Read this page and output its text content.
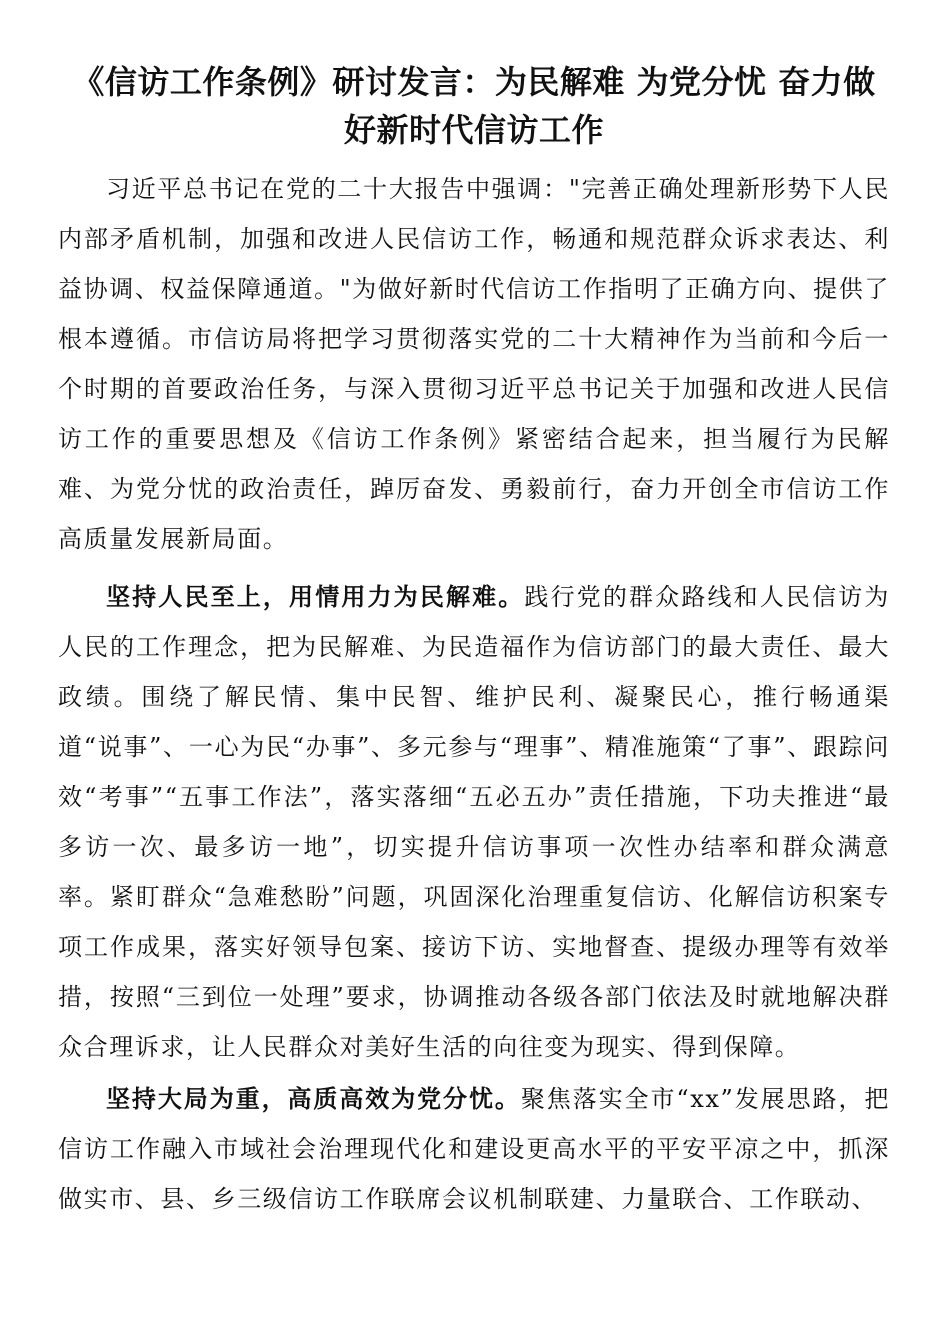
《信访工作条例》研讨发言：为民解难 为党分忧 奋力做好新时代信访工作

习近平总书记在党的二十大报告中强调："完善正确处理新形势下人民内部矛盾机制，加强和改进人民信访工作，畅通和规范群众诉求表达、利益协调、权益保障通道。"为做好新时代信访工作指明了正确方向、提供了根本遵循。市信访局将把学习贯彻落实党的二十大精神作为当前和今后一个时期的首要政治任务，与深入贯彻习近平总书记关于加强和改进人民信访工作的重要思想及《信访工作条例》紧密结合起来，担当履行为民解难、为党分忧的政治责任，踔厉奋发、勇毅前行，奋力开创全市信访工作高质量发展新局面。

坚持人民至上，用情用力为民解难。践行党的群众路线和人民信访为人民的工作理念，把为民解难、为民造福作为信访部门的最大责任、最大政绩。围绕了解民情、集中民智、维护民利、凝聚民心，推行畅通渠道“说事”、一心为民“办事”、多元参与“理事”、精准施策“了事”、跟踪问效“考事”“五事工作法”，落实落细“五必五办”责任措施，下功夫推进“最多访一次、最多访一地”，切实提升信访事项一次性办结率和群众满意率。紧盯群众“急难愁盼”问题，巩固深化治理重复信访、化解信访积案专项工作成果，落实好领导包案、接访下访、实地督查、提级办理等有效举措，按照“三到位一处理”要求，协调推动各级各部门依法及时就地解决群众合理诉求，让人民群众对美好生活的向往变为现实、得到保障。

坚持大局为重，高质高效为党分忧。聚焦落实全市“xx”发展思路，把信访工作融入市域社会治理现代化和建设更高水平的平安平凉之中，抓深做实市、县、乡三级信访工作联席会议机制联建、力量联合、工作联动、
